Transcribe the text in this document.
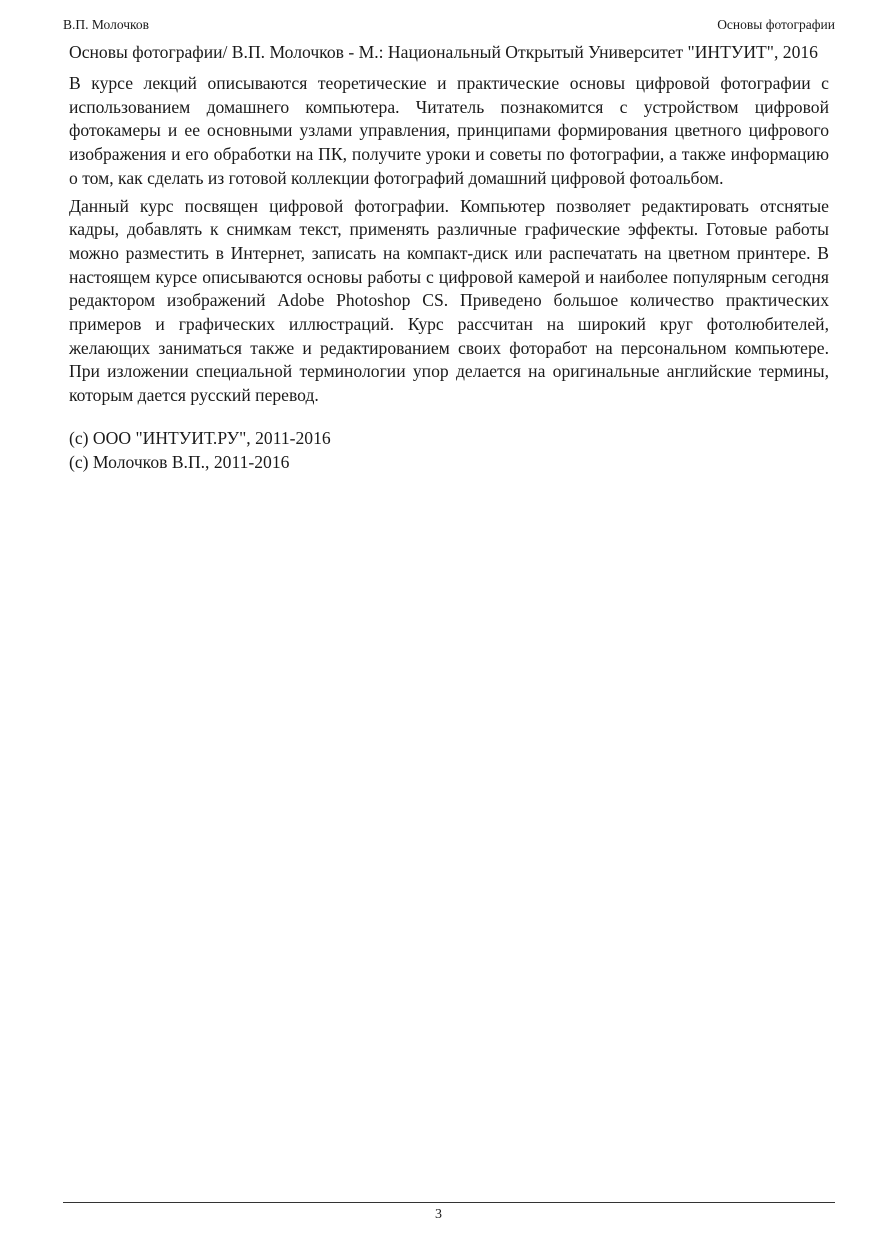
В.П. Молочков	Основы фотографии

Основы фотографии/ В.П. Молочков - М.: Национальный Открытый Университет "ИНТУИТ", 2016

В курсе лекций описываются теоретические и практические основы цифровой фотографии с использованием домашнего компьютера. Читатель познакомится с устройством цифровой фотокамеры и ее основными узлами управления, принципами формирования цветного цифрового изображения и его обработки на ПК, получите уроки и советы по фотографии, а также информацию о том, как сделать из готовой коллекции фотографий домашний цифровой фотоальбом.

Данный курс посвящен цифровой фотографии. Компьютер позволяет редактировать отснятые кадры, добавлять к снимкам текст, применять различные графические эффекты. Готовые работы можно разместить в Интернет, записать на компакт-диск или распечатать на цветном принтере. В настоящем курсе описываются основы работы с цифровой камерой и наиболее популярным сегодня редактором изображений Adobe Photoshop CS. Приведено большое количество практических примеров и графических иллюстраций. Курс рассчитан на широкий круг фотолюбителей, желающих заниматься также и редактированием своих фоторабот на персональном компьютере. При изложении специальной терминологии упор делается на оригинальные английские термины, которым дается русский перевод.

(c) ООО "ИНТУИТ.РУ", 2011-2016
(c) Молочков В.П., 2011-2016
3
